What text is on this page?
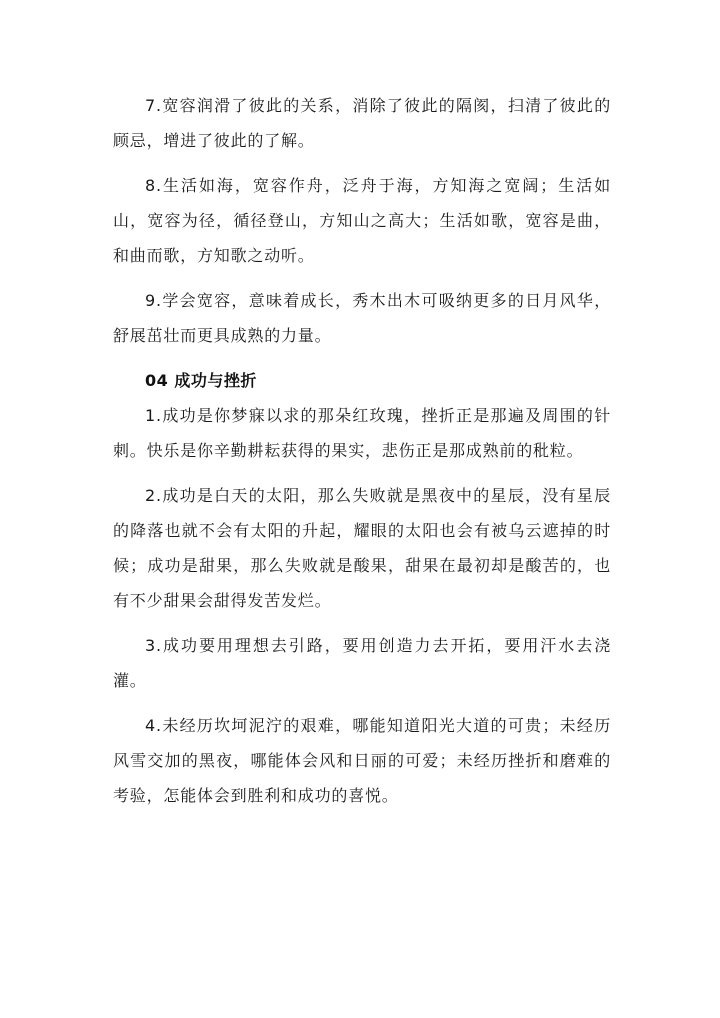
7.宽容润滑了彼此的关系，消除了彼此的隔阂，扫清了彼此的顾忌，增进了彼此的了解。

8.生活如海，宽容作舟，泛舟于海，方知海之宽阔；生活如山，宽容为径，循径登山，方知山之高大；生活如歌，宽容是曲，和曲而歌，方知歌之动听。

9.学会宽容，意味着成长，秀木出木可吸纳更多的日月风华，舒展茁壮而更具成熟的力量。

04 成功与挫折

1.成功是你梦寐以求的那朵红玫瑰，挫折正是那遍及周围的针刺。快乐是你辛勤耕耘获得的果实，悲伤正是那成熟前的秕粒。

2.成功是白天的太阳，那么失败就是黑夜中的星辰，没有星辰的降落也就不会有太阳的升起，耀眼的太阳也会有被乌云遮掉的时候；成功是甜果，那么失败就是酸果，甜果在最初却是酸苦的，也有不少甜果会甜得发苦发烂。

3.成功要用理想去引路，要用创造力去开拓，要用汗水去浇灌。

4.未经历坎坷泥泞的艰难，哪能知道阳光大道的可贵；未经历风雪交加的黑夜，哪能体会风和日丽的可爱；未经历挫折和磨难的考验，怎能体会到胜利和成功的喜悦。
